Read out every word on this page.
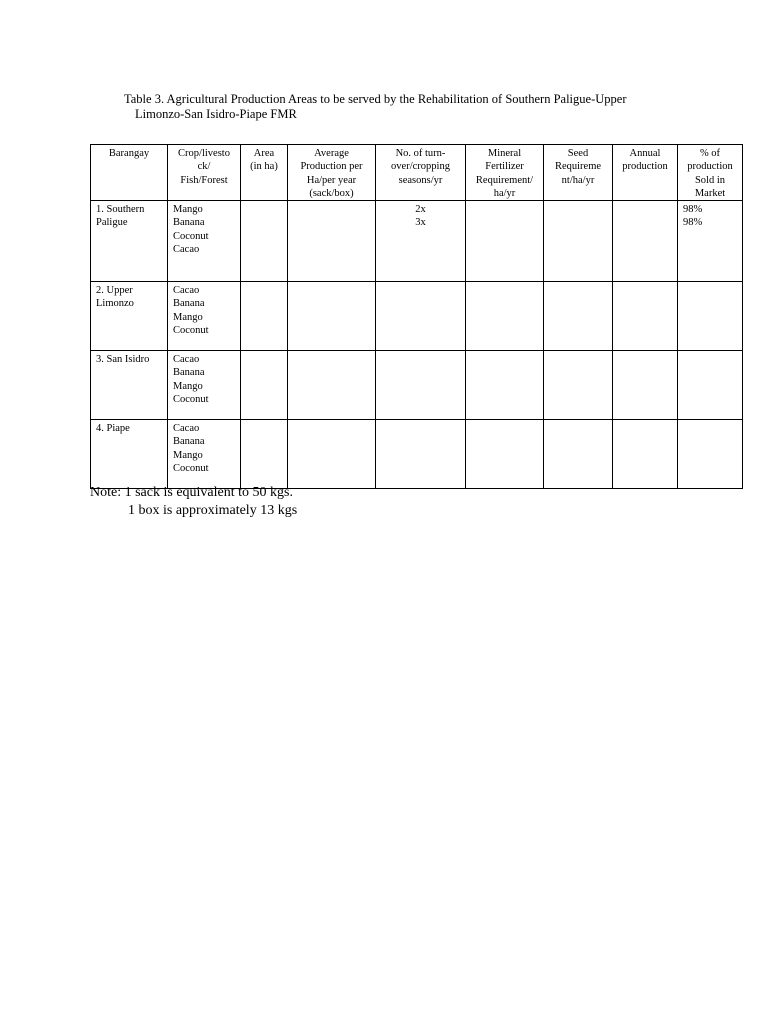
Table 3. Agricultural Production Areas to be served by the Rehabilitation of Southern Paligue-Upper
Limonzo-San Isidro-Piape FMR
Barangay	Crop/livesto
ck/
Fish/Forest	Area
(in ha)	Average
Production per
Ha/per year
(sack/box)	No. of turn-
over/cropping
seasons/yr	Mineral
Fertilizer
Requirement/
ha/yr	Seed
Requireme
nt/ha/yr	Annual
production	% of
production
Sold in
Market

1. Southern
Paligue	Mango
Banana
Coconut
Cacao			2x
3x				98%
98%

2. Upper
Limonzo	Cacao
Banana
Mango
Coconut							

3. San Isidro	Cacao
Banana
Mango
Coconut							

4. Piape	Cacao
Banana
Mango
Coconut							

Note: 1 sack is equivalent to 50 kgs.
1 box is approximately 13 kgs
